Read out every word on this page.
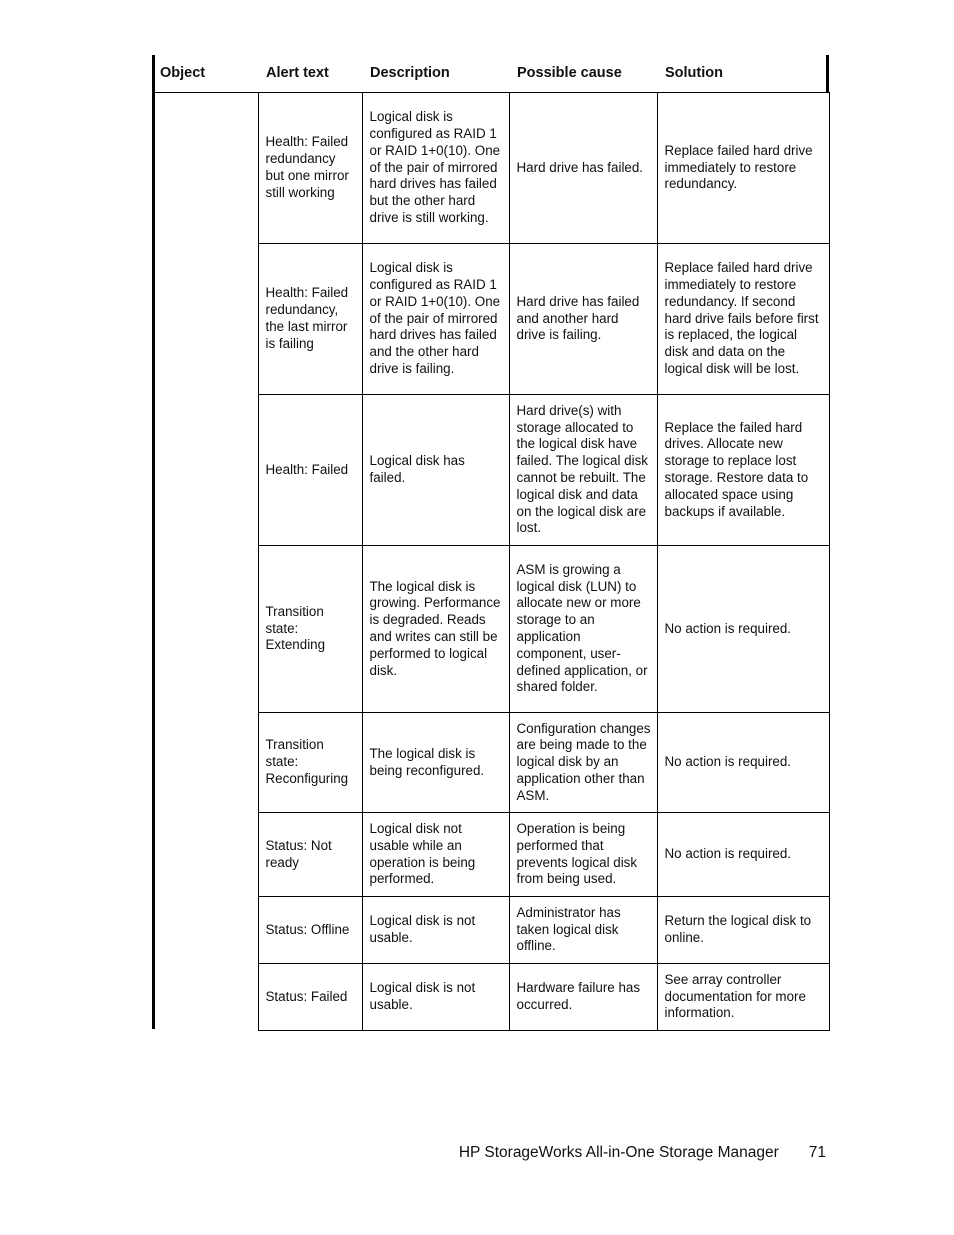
Object	Alert text	Description	Possible cause	Solution
	Health: Failed redundancy but one mirror still working	Logical disk is configured as RAID 1 or RAID 1+0(10). One of the pair of mirrored hard drives has failed but the other hard drive is still working.	Hard drive has failed.	Replace failed hard drive immediately to restore redundancy.
	Health: Failed redundancy, the last mirror is failing	Logical disk is configured as RAID 1 or RAID 1+0(10). One of the pair of mirrored hard drives has failed and the other hard drive is failing.	Hard drive has failed and another hard drive is failing.	Replace failed hard drive immediately to restore redundancy. If second hard drive fails before first is replaced, the logical disk and data on the logical disk will be lost.
	Health: Failed	Logical disk has failed.	Hard drive(s) with storage allocated to the logical disk have failed. The logical disk cannot be rebuilt. The logical disk and data on the logical disk are lost.	Replace the failed hard drives. Allocate new storage to replace lost storage. Restore data to allocated space using backups if available.
	Transition state: Extending	The logical disk is growing. Performance is degraded. Reads and writes can still be performed to logical disk.	ASM is growing a logical disk (LUN) to allocate new or more storage to an application component, user-defined application, or shared folder.	No action is required.
	Transition state: Reconfiguring	The logical disk is being reconfigured.	Configuration changes are being made to the logical disk by an application other than ASM.	No action is required.
	Status: Not ready	Logical disk not usable while an operation is being performed.	Operation is being performed that prevents logical disk from being used.	No action is required.
	Status: Offline	Logical disk is not usable.	Administrator has taken logical disk offline.	Return the logical disk to online.
	Status: Failed	Logical disk is not usable.	Hardware failure has occurred.	See array controller documentation for more information.
HP StorageWorks All-in-One Storage Manager 71
